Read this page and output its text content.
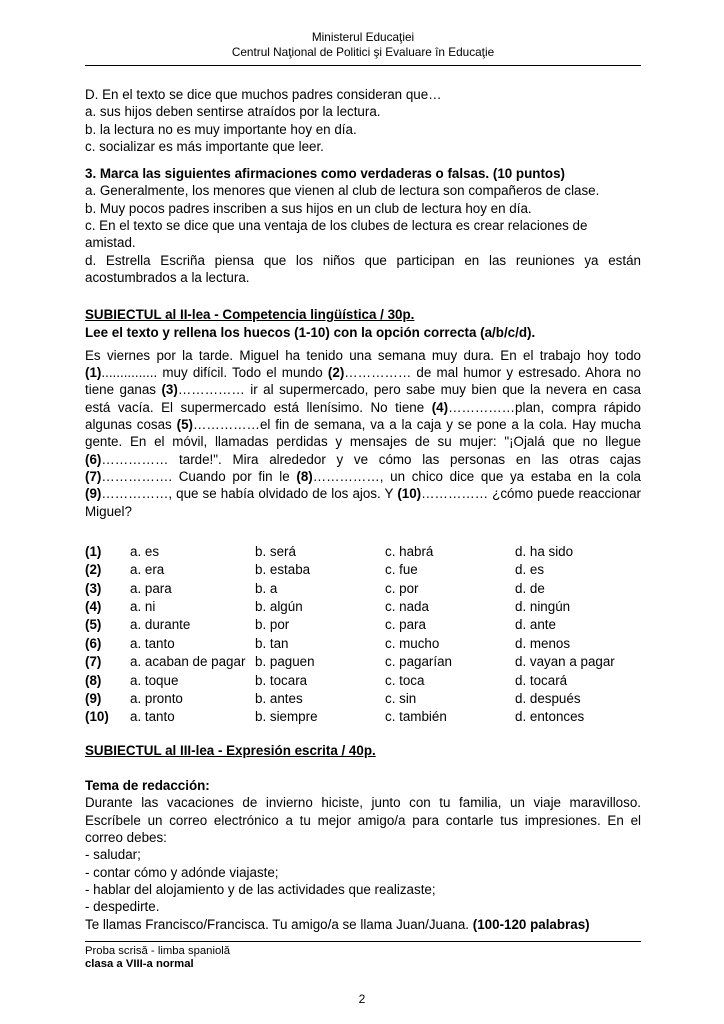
Ministerul Educaţiei
Centrul Naţional de Politici şi Evaluare în Educaţie
D. En el texto se dice que muchos padres consideran que…
a. sus hijos deben sentirse atraídos por la lectura.
b. la lectura no es muy importante hoy en día.
c. socializar es más importante que leer.
3. Marca las siguientes afirmaciones como verdaderas o falsas. (10 puntos)
a. Generalmente, los menores que vienen al club de lectura son compañeros de clase.
b. Muy pocos padres inscriben a sus hijos en un club de lectura hoy en día.
c. En el texto se dice que una ventaja de los clubes de lectura es crear relaciones de amistad.
d. Estrella Escriña piensa que los niños que participan en las reuniones ya están acostumbrados a la lectura.
SUBIECTUL al II-lea - Competencia lingüística / 30p.
Lee el texto y rellena los huecos (1-10) con la opción correcta (a/b/c/d).
Es viernes por la tarde. Miguel ha tenido una semana muy dura. En el trabajo hoy todo (1)............... muy difícil. Todo el mundo (2)…………… de mal humor y estresado. Ahora no tiene ganas (3)…………… ir al supermercado, pero sabe muy bien que la nevera en casa está vacía. El supermercado está llenísimo. No tiene (4)……………plan, compra rápido algunas cosas (5)……………el fin de semana, va a la caja y se pone a la cola. Hay mucha gente. En el móvil, llamadas perdidas y mensajes de su mujer: "¡Ojalá que no llegue (6)…………… tarde!". Mira alrededor y ve cómo las personas en las otras cajas (7)……………. Cuando por fin le (8)……………, un chico dice que ya estaba en la cola (9)……………, que se había olvidado de los ajos. Y (10)…………… ¿cómo puede reaccionar Miguel?
(1)	a. es	b. será	c. habrá	d. ha sido
(2)	a. era	b. estaba	c. fue	d. es
(3)	a. para	b. a	c. por	d. de
(4)	a. ni	b. algún	c. nada	d. ningún
(5)	a. durante	b. por	c. para	d. ante
(6)	a. tanto	b. tan	c. mucho	d. menos
(7)	a. acaban de pagar b. paguen	c. pagarían	d. vayan a pagar
(8)	a. toque	b. tocara	c. toca	d. tocará
(9)	a. pronto	b. antes	c. sin	d. después
(10)	a. tanto	b. siempre	c. también	d. entonces
SUBIECTUL al III-lea - Expresión escrita / 40p.
Tema de redacción:
Durante las vacaciones de invierno hiciste, junto con tu familia, un viaje maravilloso. Escríbele un correo electrónico a tu mejor amigo/a para contarle tus impresiones. En el correo debes:
- saludar;
- contar cómo y adónde viajaste;
- hablar del alojamiento y de las actividades que realizaste;
- despedirte.
Te llamas Francisco/Francisca. Tu amigo/a se llama Juan/Juana. (100-120 palabras)
Proba scrisă - limba spaniolă
clasa a VIII-a normal
2
